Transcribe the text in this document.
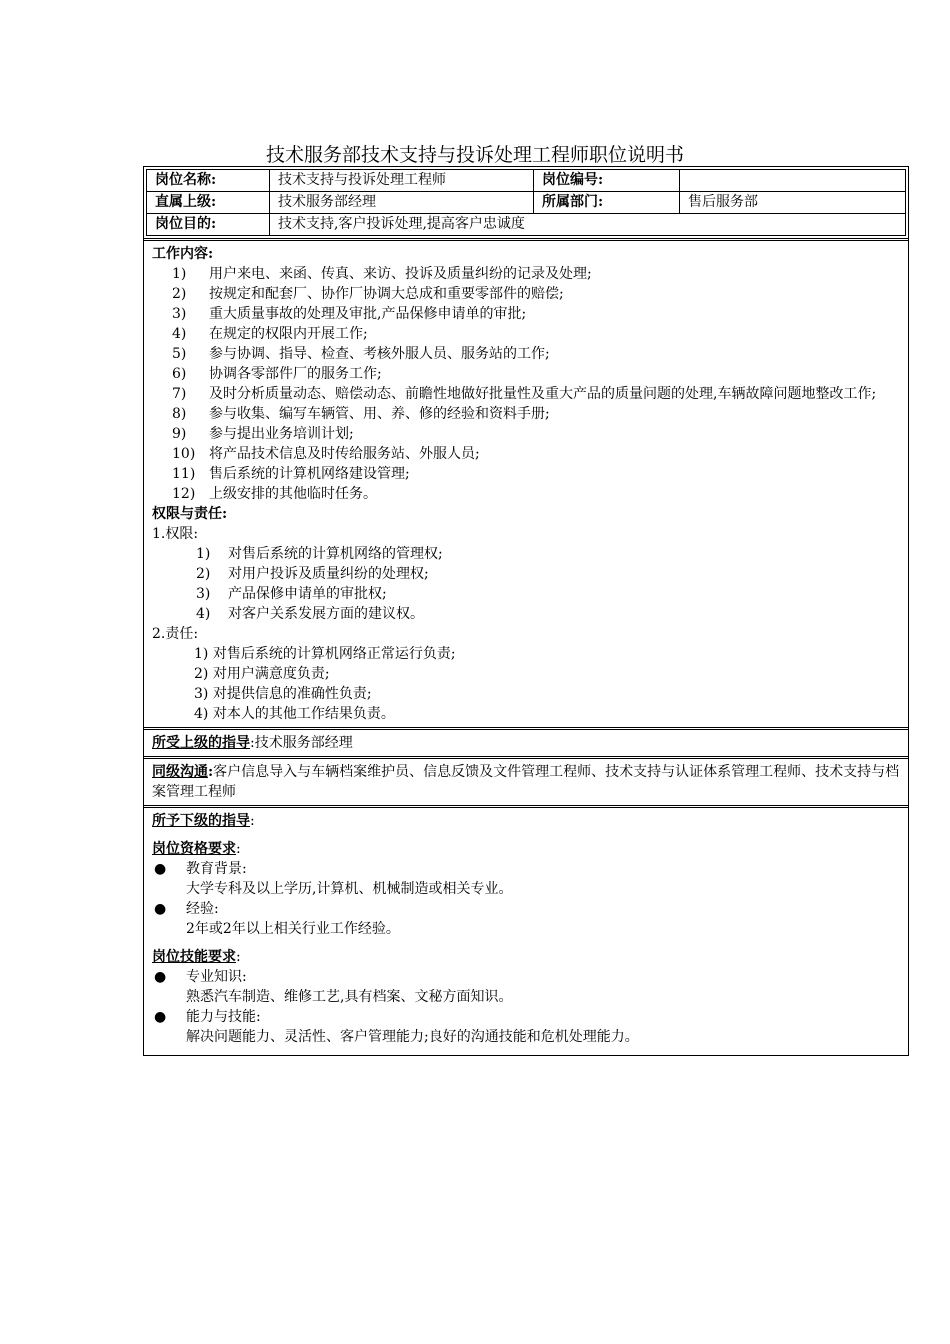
技术服务部技术支持与投诉处理工程师职位说明书
岗位名称:	技术支持与投诉处理工程师	岗位编号:
直属上级:	技术服务部经理	所属部门:	售后服务部
岗位目的:	技术支持,客户投诉处理,提高客户忠诚度
工作内容:
1)	用户来电、来函、传真、来访、投诉及质量纠纷的记录及处理;
2)	按规定和配套厂、协作厂协调大总成和重要零部件的赔偿;
3)	重大质量事故的处理及审批,产品保修申请单的审批;
4)	在规定的权限内开展工作;
5)	参与协调、指导、检查、考核外服人员、服务站的工作;
6)	协调各零部件厂的服务工作;
7)	及时分析质量动态、赔偿动态、前瞻性地做好批量性及重大产品的质量问题的处理,车辆故障问题地整改工作;
8)	参与收集、编写车辆管、用、养、修的经验和资料手册;
9)	参与提出业务培训计划;
10) 将产品技术信息及时传给服务站、外服人员;
11) 售后系统的计算机网络建设管理;
12) 上级安排的其他临时任务。
权限与责任:
1.权限:
1)	对售后系统的计算机网络的管理权;
2)	对用户投诉及质量纠纷的处理权;
3)	产品保修申请单的审批权;
4)	对客户关系发展方面的建议权。
2.责任:
1) 对售后系统的计算机网络正常运行负责;
2) 对用户满意度负责;
3) 对提供信息的准确性负责;
4) 对本人的其他工作结果负责。
所受上级的指导:技术服务部经理
同级沟通:客户信息导入与车辆档案维护员、信息反馈及文件管理工程师、技术支持与认证体系管理工程师、技术支持与档案管理工程师
所予下级的指导:
岗位资格要求:
●	教育背景:
大学专科及以上学历,计算机、机械制造或相关专业。
●	经验:
2年或2年以上相关行业工作经验。
岗位技能要求:
●	专业知识:
熟悉汽车制造、维修工艺,具有档案、文秘方面知识。
●	能力与技能:
解决问题能力、灵活性、客户管理能力;良好的沟通技能和危机处理能力。
